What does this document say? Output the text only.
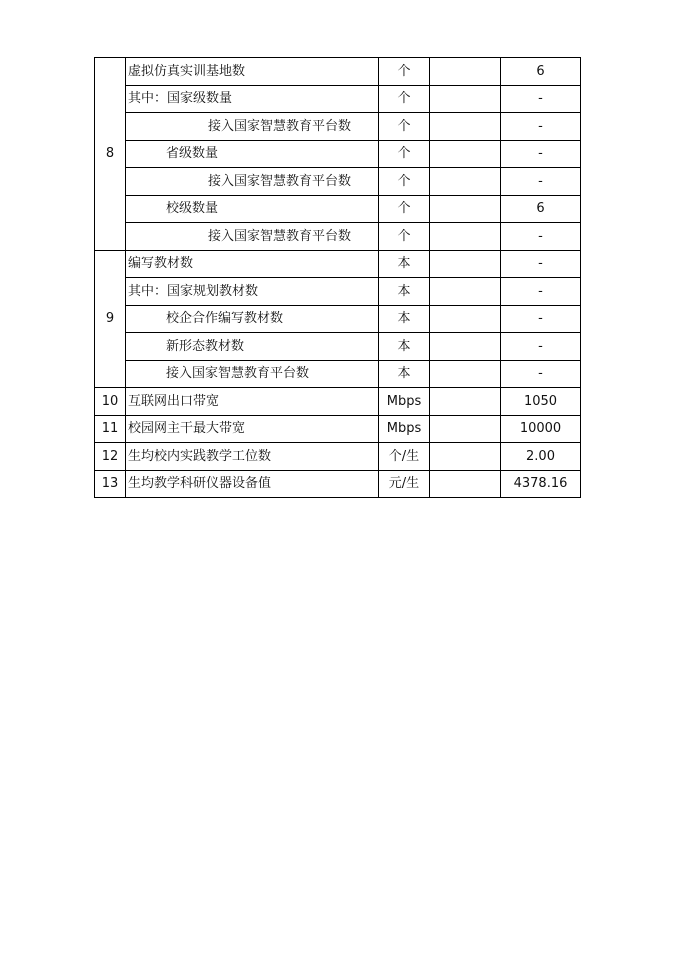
8	虚拟仿真实训基地数	个		6
	其中：国家级数量	个		-
	接入国家智慧教育平台数	个		-
	省级数量	个		-
	接入国家智慧教育平台数	个		-
	校级数量	个		6
	接入国家智慧教育平台数	个		-
9	编写教材数	本		-
	其中：国家规划教材数	本		-
	校企合作编写教材数	本		-
	新形态教材数	本		-
	接入国家智慧教育平台数	本		-
10	互联网出口带宽	Mbps		1050
11	校园网主干最大带宽	Mbps		10000
12	生均校内实践教学工位数	个/生		2.00
13	生均教学科研仪器设备值	元/生		4378.16
